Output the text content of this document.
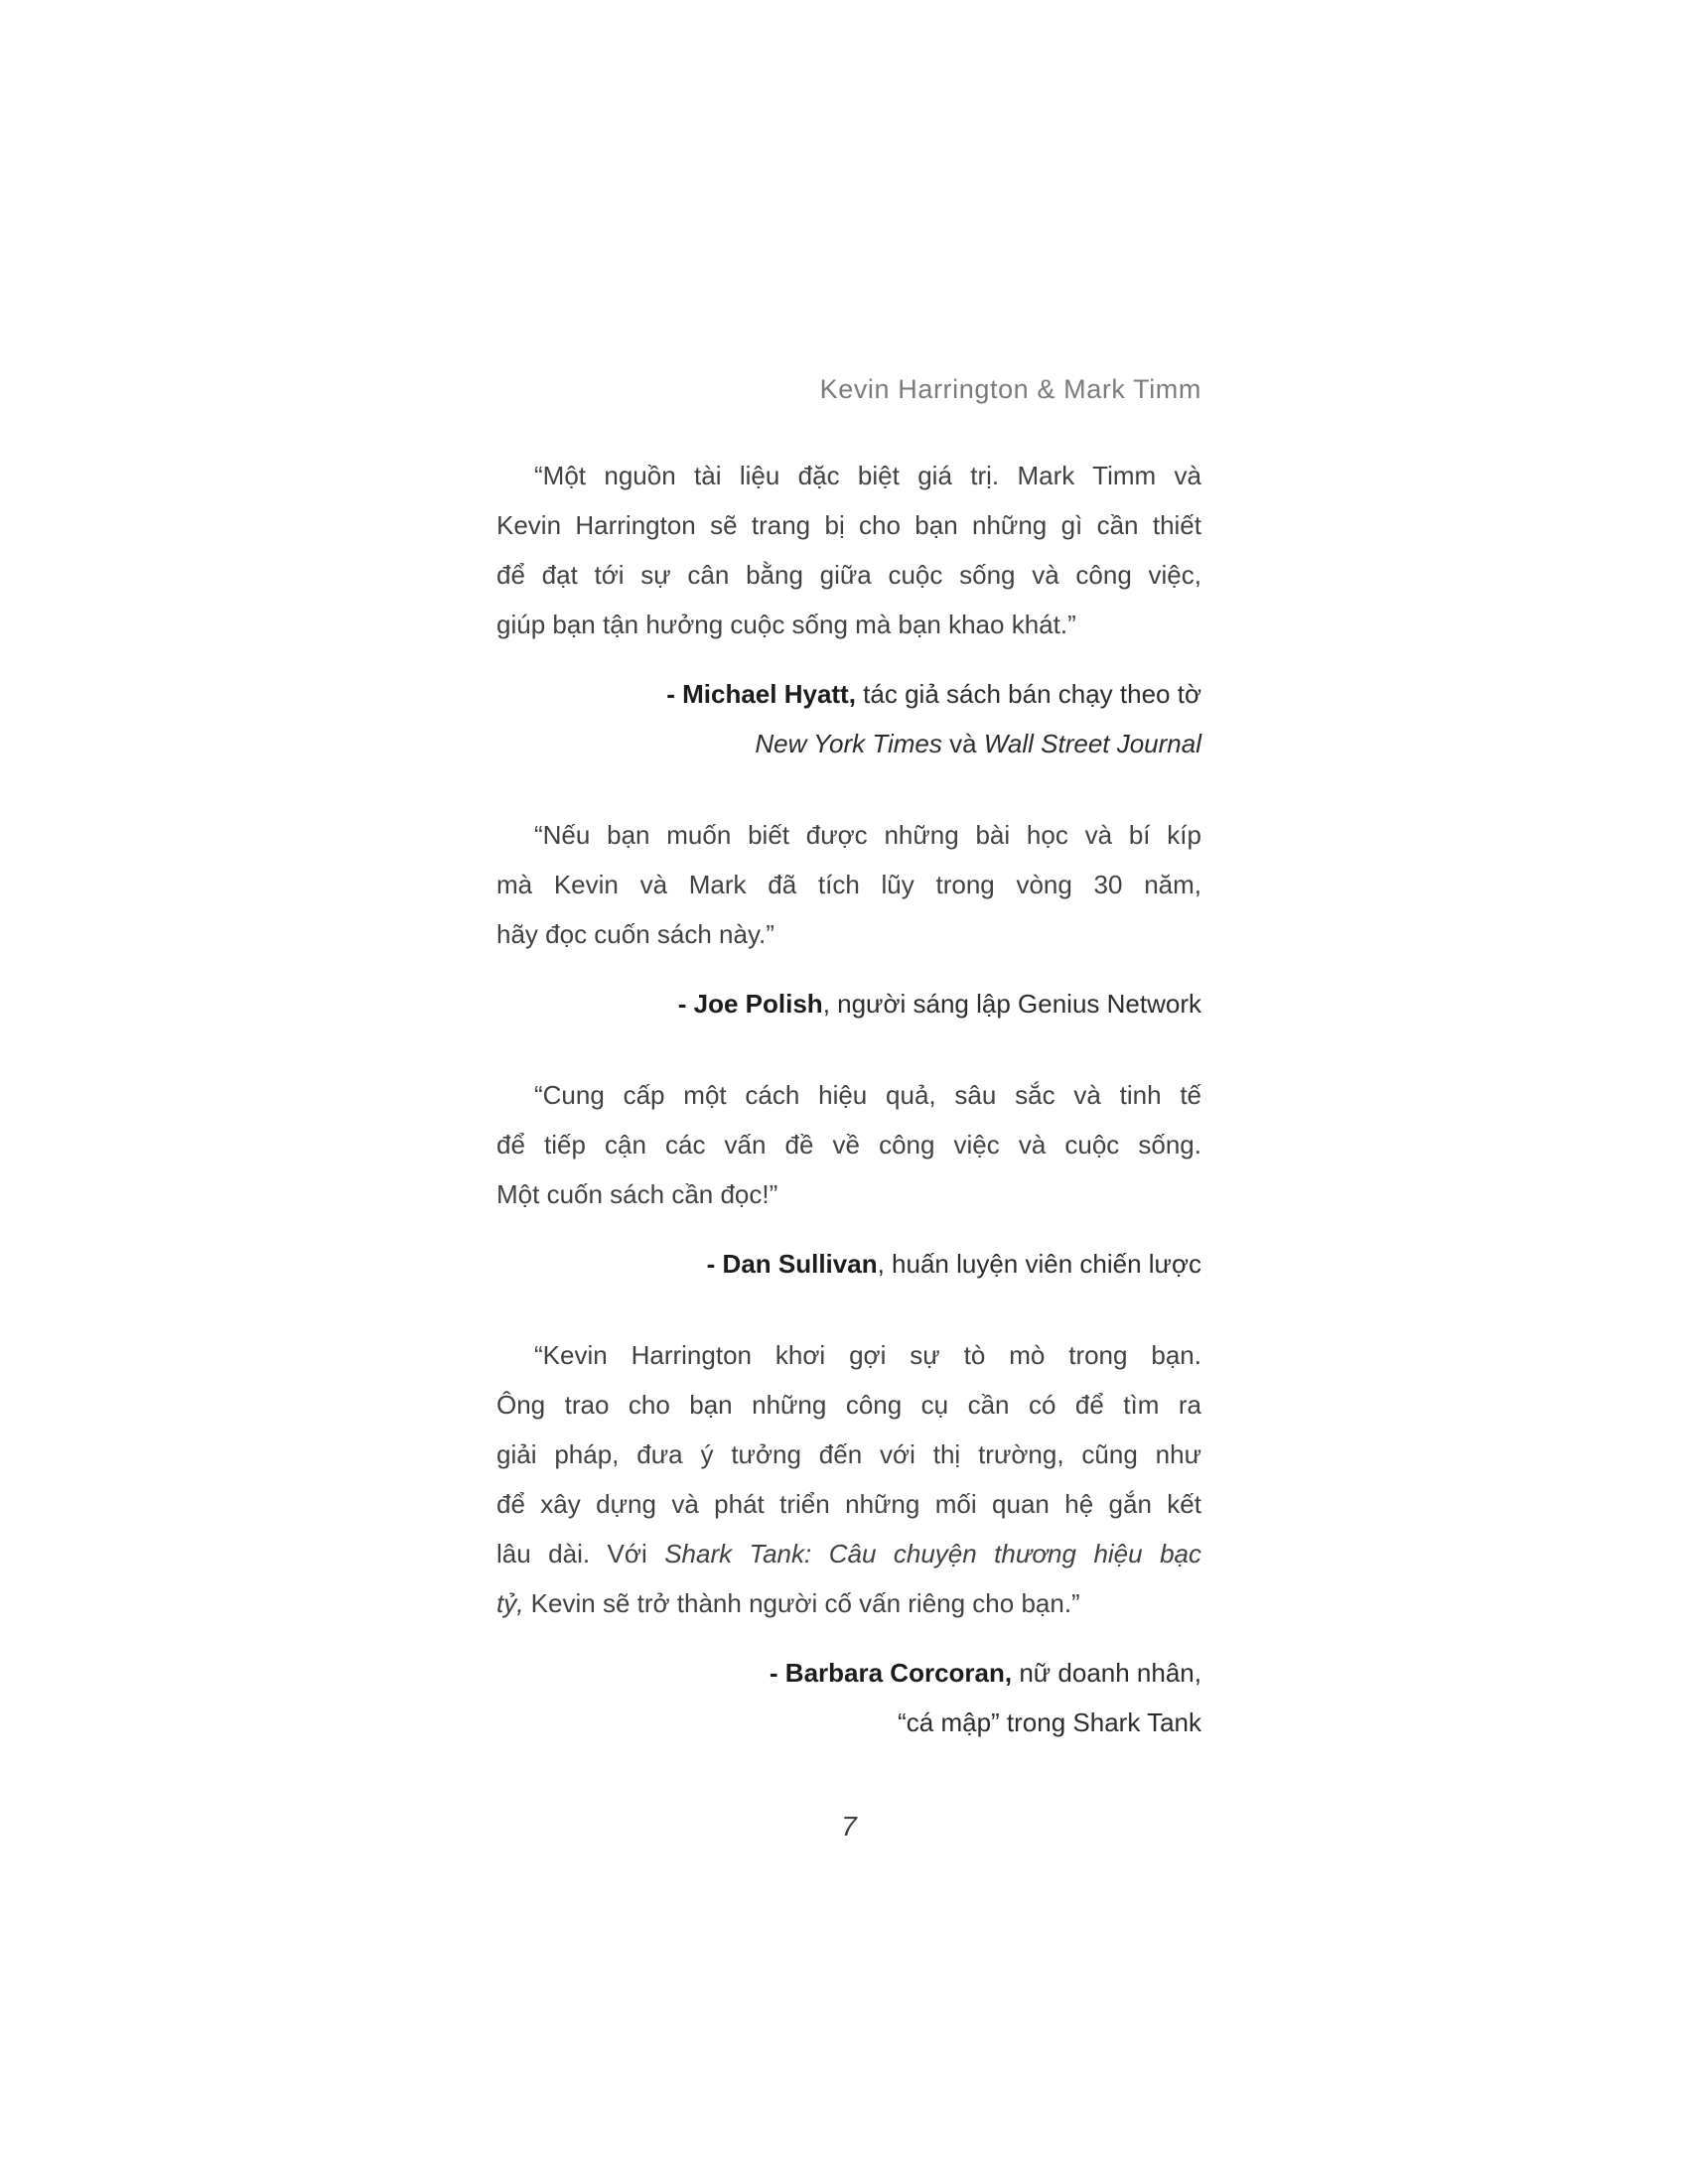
Kevin Harrington & Mark Timm
“Một nguồn tài liệu đặc biệt giá trị. Mark Timm và
Kevin Harrington sẽ trang bị cho bạn những gì cần thiết
để đạt tới sự cân bằng giữa cuộc sống và công việc,
giúp bạn tận hưởng cuộc sống mà bạn khao khát.”
- Michael Hyatt, tác giả sách bán chạy theo tờ
New York Times và Wall Street Journal
“Nếu bạn muốn biết được những bài học và bí kíp
mà Kevin và Mark đã tích lũy trong vòng 30 năm,
hãy đọc cuốn sách này.”
- Joe Polish, người sáng lập Genius Network
“Cung cấp một cách hiệu quả, sâu sắc và tinh tế
để tiếp cận các vấn đề về công việc và cuộc sống.
Một cuốn sách cần đọc!”
- Dan Sullivan, huấn luyện viên chiến lược
“Kevin Harrington khơi gợi sự tò mò trong bạn.
Ông trao cho bạn những công cụ cần có để tìm ra
giải pháp, đưa ý tưởng đến với thị trường, cũng như
để xây dựng và phát triển những mối quan hệ gắn kết
lâu dài. Với Shark Tank: Câu chuyện thương hiệu bạc
tỷ, Kevin sẽ trở thành người cố vấn riêng cho bạn.”
- Barbara Corcoran, nữ doanh nhân,
“cá mập” trong Shark Tank
7
